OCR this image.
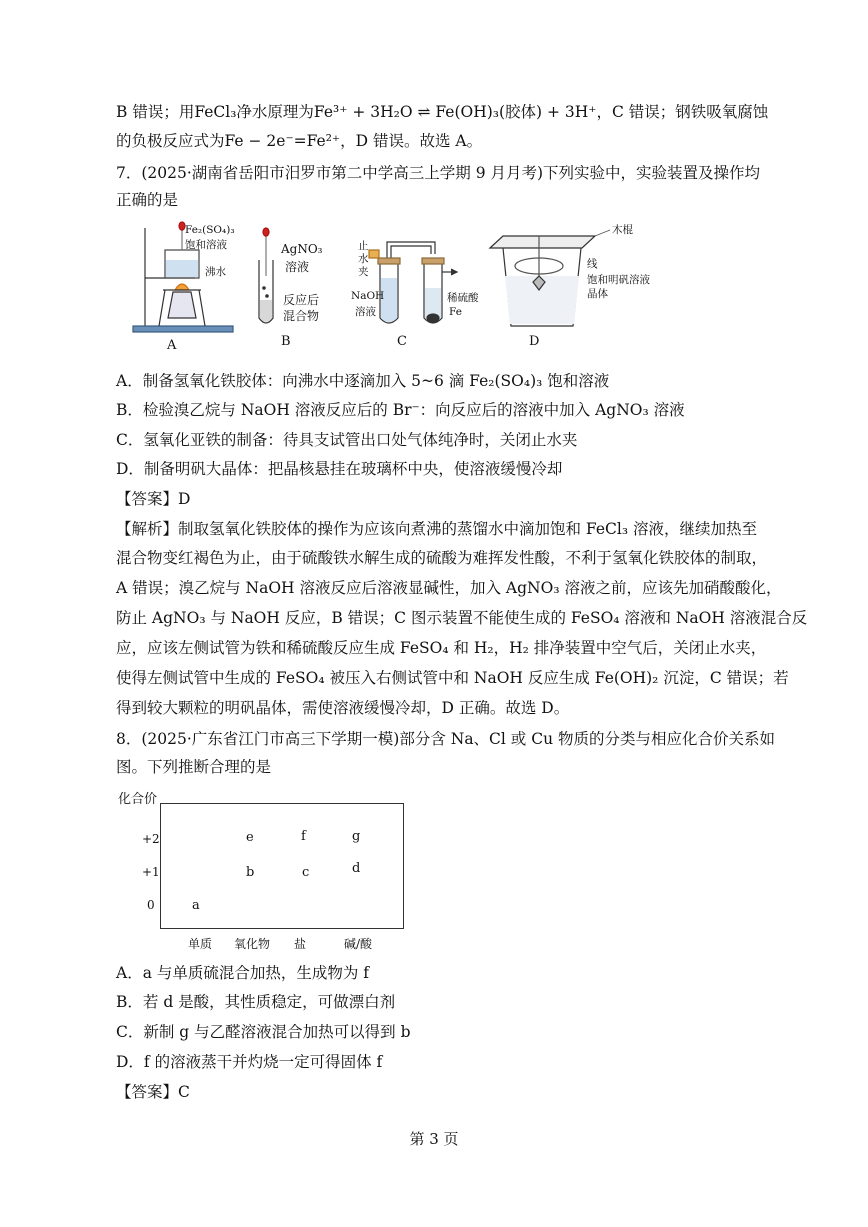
B 错误；用FeCl₃净水原理为Fe³⁺ + 3H₂O ⇌ Fe(OH)₃(胶体) + 3H⁺，C 错误；钢铁吸氧腐蚀
的负极反应式为Fe − 2e⁻=Fe²⁺，D 错误。故选 A。
7．(2025·湖南省岳阳市汨罗市第二中学高三上学期 9 月月考)下列实验中，实验装置及操作均
正确的是
Fe₂(SO₄)₃
饱和溶液
沸水
AgNO₃
溶液
反应后
混合物
止
水
夹
NaOH
溶液
稀硫酸
Fe
木棍
线
饱和明矾溶液
晶体
A	B	C	D
A．制备氢氧化铁胶体：向沸水中逐滴加入 5~6 滴 Fe₂(SO₄)₃ 饱和溶液
B．检验溴乙烷与 NaOH 溶液反应后的 Br⁻：向反应后的溶液中加入 AgNO₃ 溶液
C．氢氧化亚铁的制备：待具支试管出口处气体纯净时，关闭止水夹
D．制备明矾大晶体：把晶核悬挂在玻璃杯中央，使溶液缓慢冷却
【答案】D
【解析】制取氢氧化铁胶体的操作为应该向煮沸的蒸馏水中滴加饱和 FeCl₃ 溶液，继续加热至
混合物变红褐色为止，由于硫酸铁水解生成的硫酸为难挥发性酸，不利于氢氧化铁胶体的制取，
A 错误；溴乙烷与 NaOH 溶液反应后溶液显碱性，加入 AgNO₃ 溶液之前，应该先加硝酸酸化，
防止 AgNO₃ 与 NaOH 反应，B 错误；C 图示装置不能使生成的 FeSO₄ 溶液和 NaOH 溶液混合反
应，应该左侧试管为铁和稀硫酸反应生成 FeSO₄ 和 H₂，H₂ 排净装置中空气后，关闭止水夹，
使得左侧试管中生成的 FeSO₄ 被压入右侧试管中和 NaOH 反应生成 Fe(OH)₂ 沉淀，C 错误；若
得到较大颗粒的明矾晶体，需使溶液缓慢冷却，D 正确。故选 D。
8．(2025·广东省江门市高三下学期一模)部分含 Na、Cl 或 Cu 物质的分类与相应化合价关系如
图。下列推断合理的是
化合价
+2
+1
0
e	f	g
b	c	d
a
单质 氧化物 盐	碱/酸
A．a 与单质硫混合加热，生成物为 f
B．若 d 是酸，其性质稳定，可做漂白剂
C．新制 g 与乙醛溶液混合加热可以得到 b
D．f 的溶液蒸干并灼烧一定可得固体 f
【答案】C
第 3 页
